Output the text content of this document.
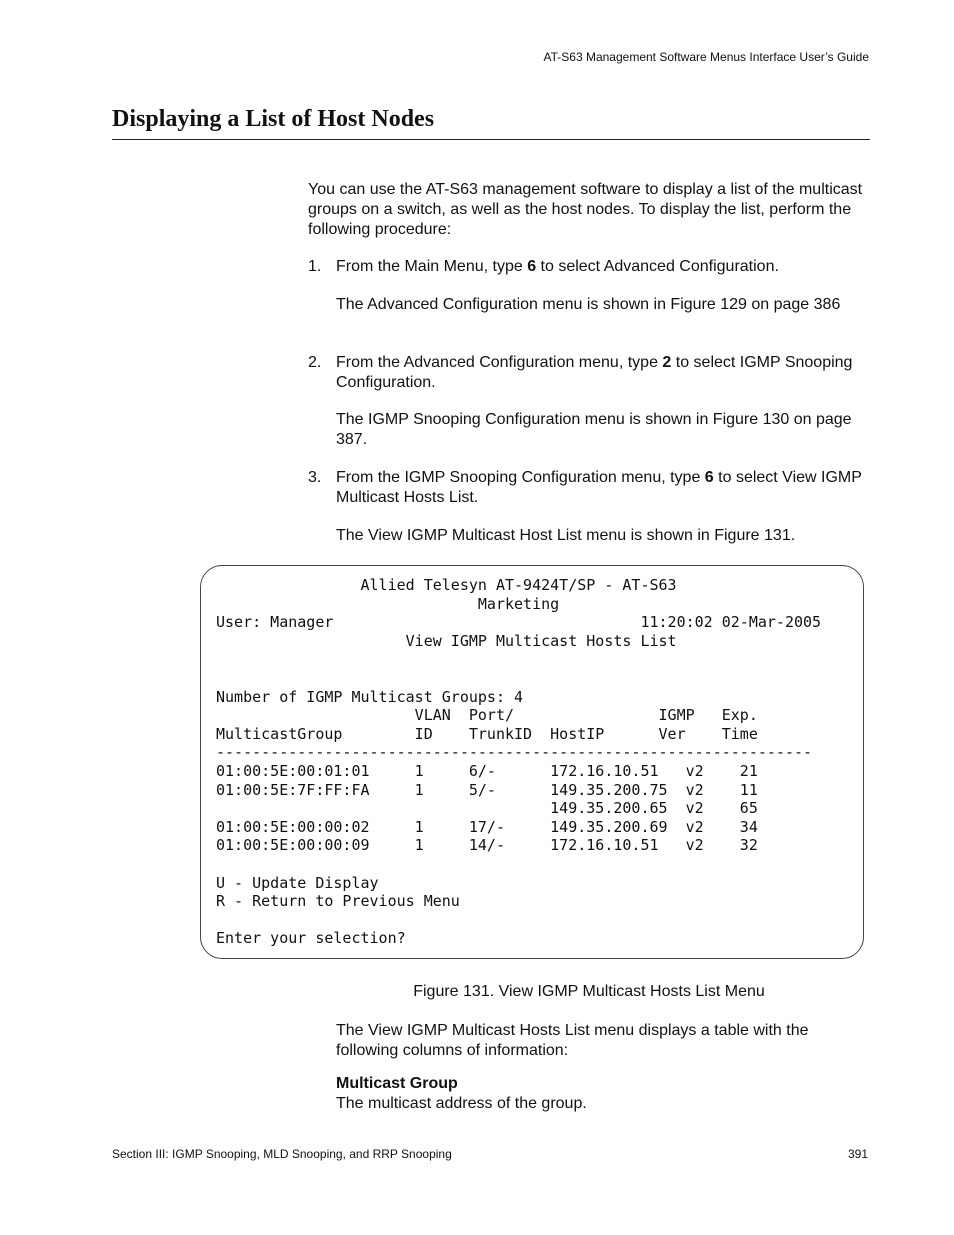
AT-S63 Management Software Menus Interface User’s Guide
Displaying a List of Host Nodes
You can use the AT-S63 management software to display a list of the multicast groups on a switch, as well as the host nodes. To display the list, perform the following procedure:
1. From the Main Menu, type 6 to select Advanced Configuration.
The Advanced Configuration menu is shown in Figure 129 on page 386
2. From the Advanced Configuration menu, type 2 to select IGMP Snooping Configuration.
The IGMP Snooping Configuration menu is shown in Figure 130 on page 387.
3. From the IGMP Snooping Configuration menu, type 6 to select View IGMP Multicast Hosts List.
The View IGMP Multicast Host List menu is shown in Figure 131.
Allied Telesyn AT-9424T/SP - AT-S63
Marketing
User: Manager                                  11:20:02 02-Mar-2005
View IGMP Multicast Hosts List

Number of IGMP Multicast Groups: 4
VLAN  Port/                IGMP   Exp.
MulticastGroup        ID    TrunkID  HostIP      Ver    Time
------------------------------------------------------------------
01:00:5E:00:01:01     1     6/-      172.16.10.51   v2    21
01:00:5E:7F:FF:FA     1     5/-      149.35.200.75  v2    11
149.35.200.65  v2    65
01:00:5E:00:00:02     1     17/-     149.35.200.69  v2    34
01:00:5E:00:00:09     1     14/-     172.16.10.51   v2    32

U - Update Display
R - Return to Previous Menu

Enter your selection?

Figure 131. View IGMP Multicast Hosts List Menu
The View IGMP Multicast Hosts List menu displays a table with the following columns of information:
Multicast Group
The multicast address of the group.
Section III: IGMP Snooping, MLD Snooping, and RRP Snooping	391
